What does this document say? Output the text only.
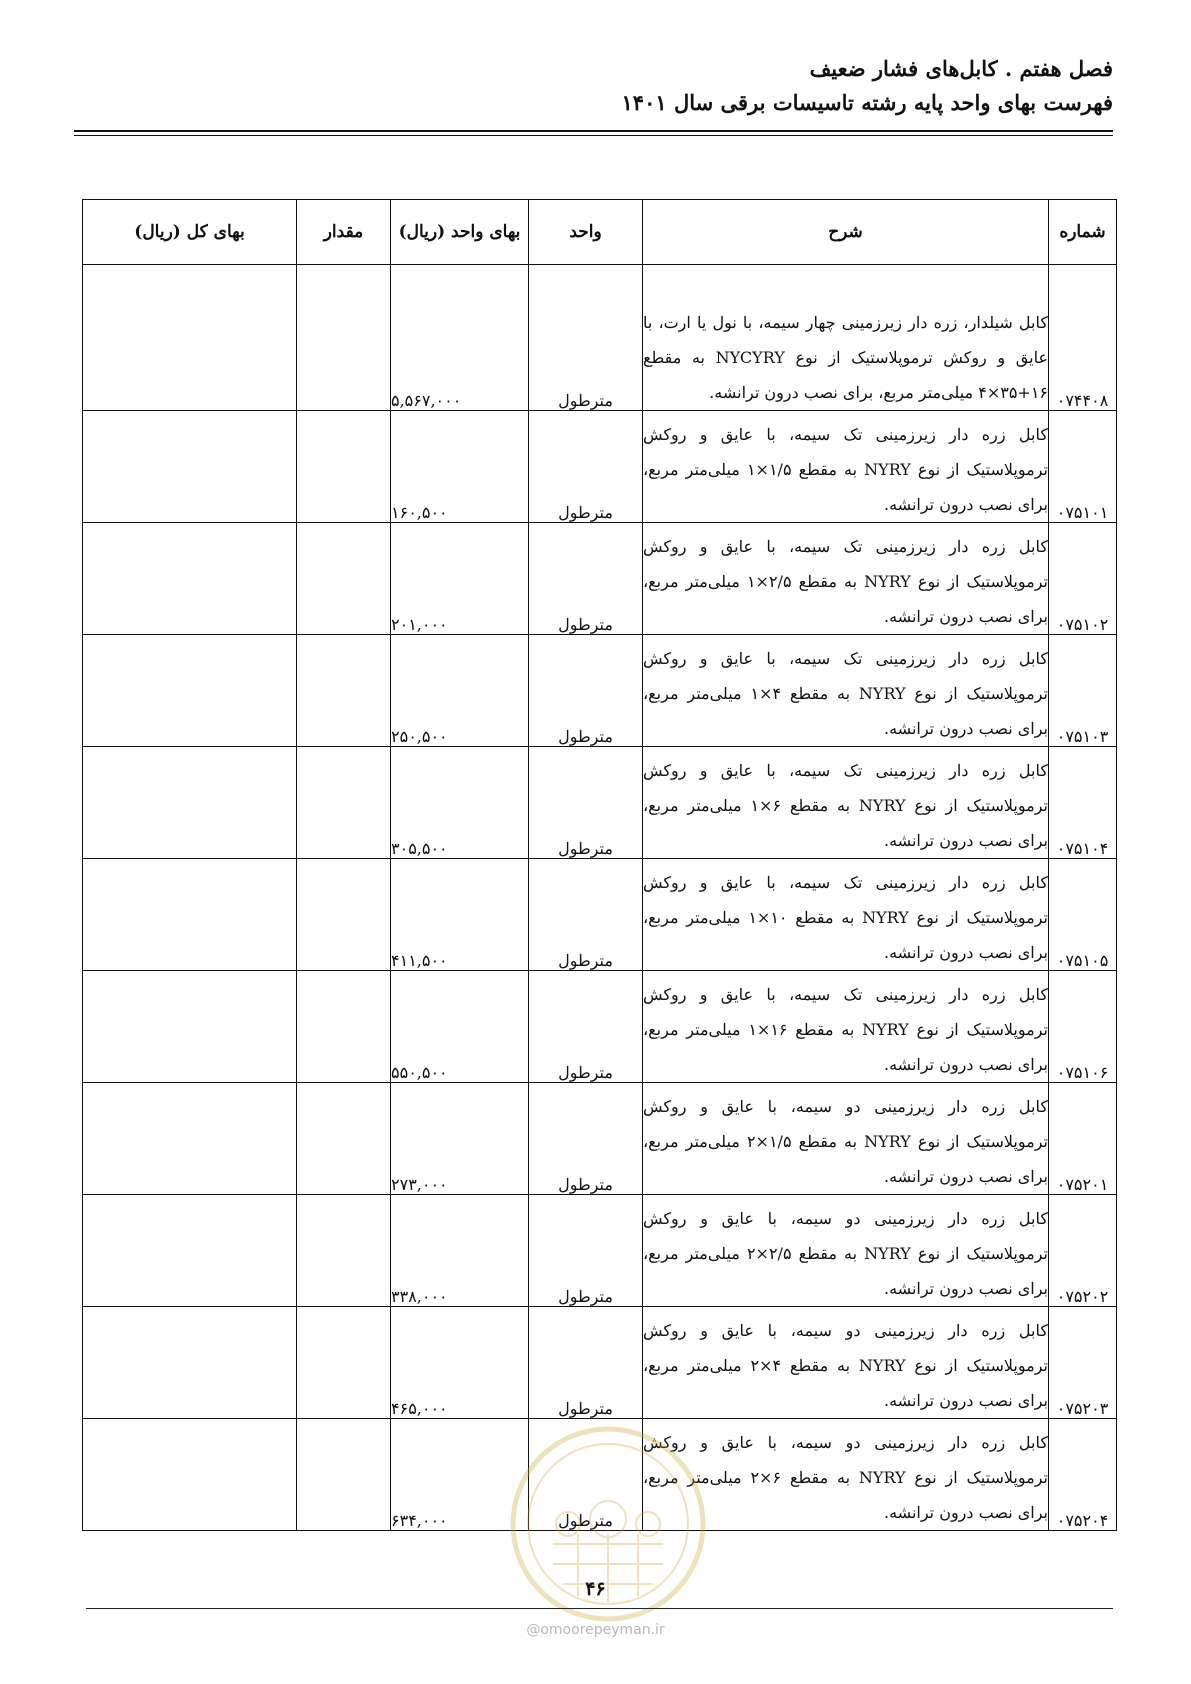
فصل هفتم . کابل‌های فشار ضعیف
فهرست بهای واحد پایه رشته تاسیسات برقی سال ۱۴۰۱
شماره	شرح	واحد	بهای واحد (ریال)	مقدار	بهای کل (ریال)
۰۷۴۴۰۸	کابل شیلدار، زره دار زیرزمینی چهار سیمه، با نول یا ارت، با عایق و روکش ترموپلاستیک از نوع NYCYRY به مقطع ۱۶+۳۵×۴ میلی‌متر مربع، برای نصب درون ترانشه.	مترطول	۵,۵۶۷,۰۰۰		
۰۷۵۱۰۱	کابل زره دار زیرزمینی تک سیمه، با عایق و روکش ترموپلاستیک از نوع NYRY به مقطع ۱/۵×۱ میلی‌متر مربع، برای نصب درون ترانشه.	مترطول	۱۶۰,۵۰۰		
۰۷۵۱۰۲	کابل زره دار زیرزمینی تک سیمه، با عایق و روکش ترموپلاستیک از نوع NYRY به مقطع ۲/۵×۱ میلی‌متر مربع، برای نصب درون ترانشه.	مترطول	۲۰۱,۰۰۰		
۰۷۵۱۰۳	کابل زره دار زیرزمینی تک سیمه، با عایق و روکش ترموپلاستیک از نوع NYRY به مقطع ۴×۱ میلی‌متر مربع، برای نصب درون ترانشه.	مترطول	۲۵۰,۵۰۰		
۰۷۵۱۰۴	کابل زره دار زیرزمینی تک سیمه، با عایق و روکش ترموپلاستیک از نوع NYRY به مقطع ۶×۱ میلی‌متر مربع، برای نصب درون ترانشه.	مترطول	۳۰۵,۵۰۰		
۰۷۵۱۰۵	کابل زره دار زیرزمینی تک سیمه، با عایق و روکش ترموپلاستیک از نوع NYRY به مقطع ۱۰×۱ میلی‌متر مربع، برای نصب درون ترانشه.	مترطول	۴۱۱,۵۰۰		
۰۷۵۱۰۶	کابل زره دار زیرزمینی تک سیمه، با عایق و روکش ترموپلاستیک از نوع NYRY به مقطع ۱۶×۱ میلی‌متر مربع، برای نصب درون ترانشه.	مترطول	۵۵۰,۵۰۰		
۰۷۵۲۰۱	کابل زره دار زیرزمینی دو سیمه، با عایق و روکش ترموپلاستیک از نوع NYRY به مقطع ۱/۵×۲ میلی‌متر مربع، برای نصب درون ترانشه.	مترطول	۲۷۳,۰۰۰		
۰۷۵۲۰۲	کابل زره دار زیرزمینی دو سیمه، با عایق و روکش ترموپلاستیک از نوع NYRY به مقطع ۲/۵×۲ میلی‌متر مربع، برای نصب درون ترانشه.	مترطول	۳۳۸,۰۰۰		
۰۷۵۲۰۳	کابل زره دار زیرزمینی دو سیمه، با عایق و روکش ترموپلاستیک از نوع NYRY به مقطع ۴×۲ میلی‌متر مربع، برای نصب درون ترانشه.	مترطول	۴۶۵,۰۰۰		
۰۷۵۲۰۴	کابل زره دار زیرزمینی دو سیمه، با عایق و روکش ترموپلاستیک از نوع NYRY به مقطع ۶×۲ میلی‌متر مربع، برای نصب درون ترانشه.	مترطول	۶۳۴,۰۰۰		
۴۶
@omoorepeyman.ir
